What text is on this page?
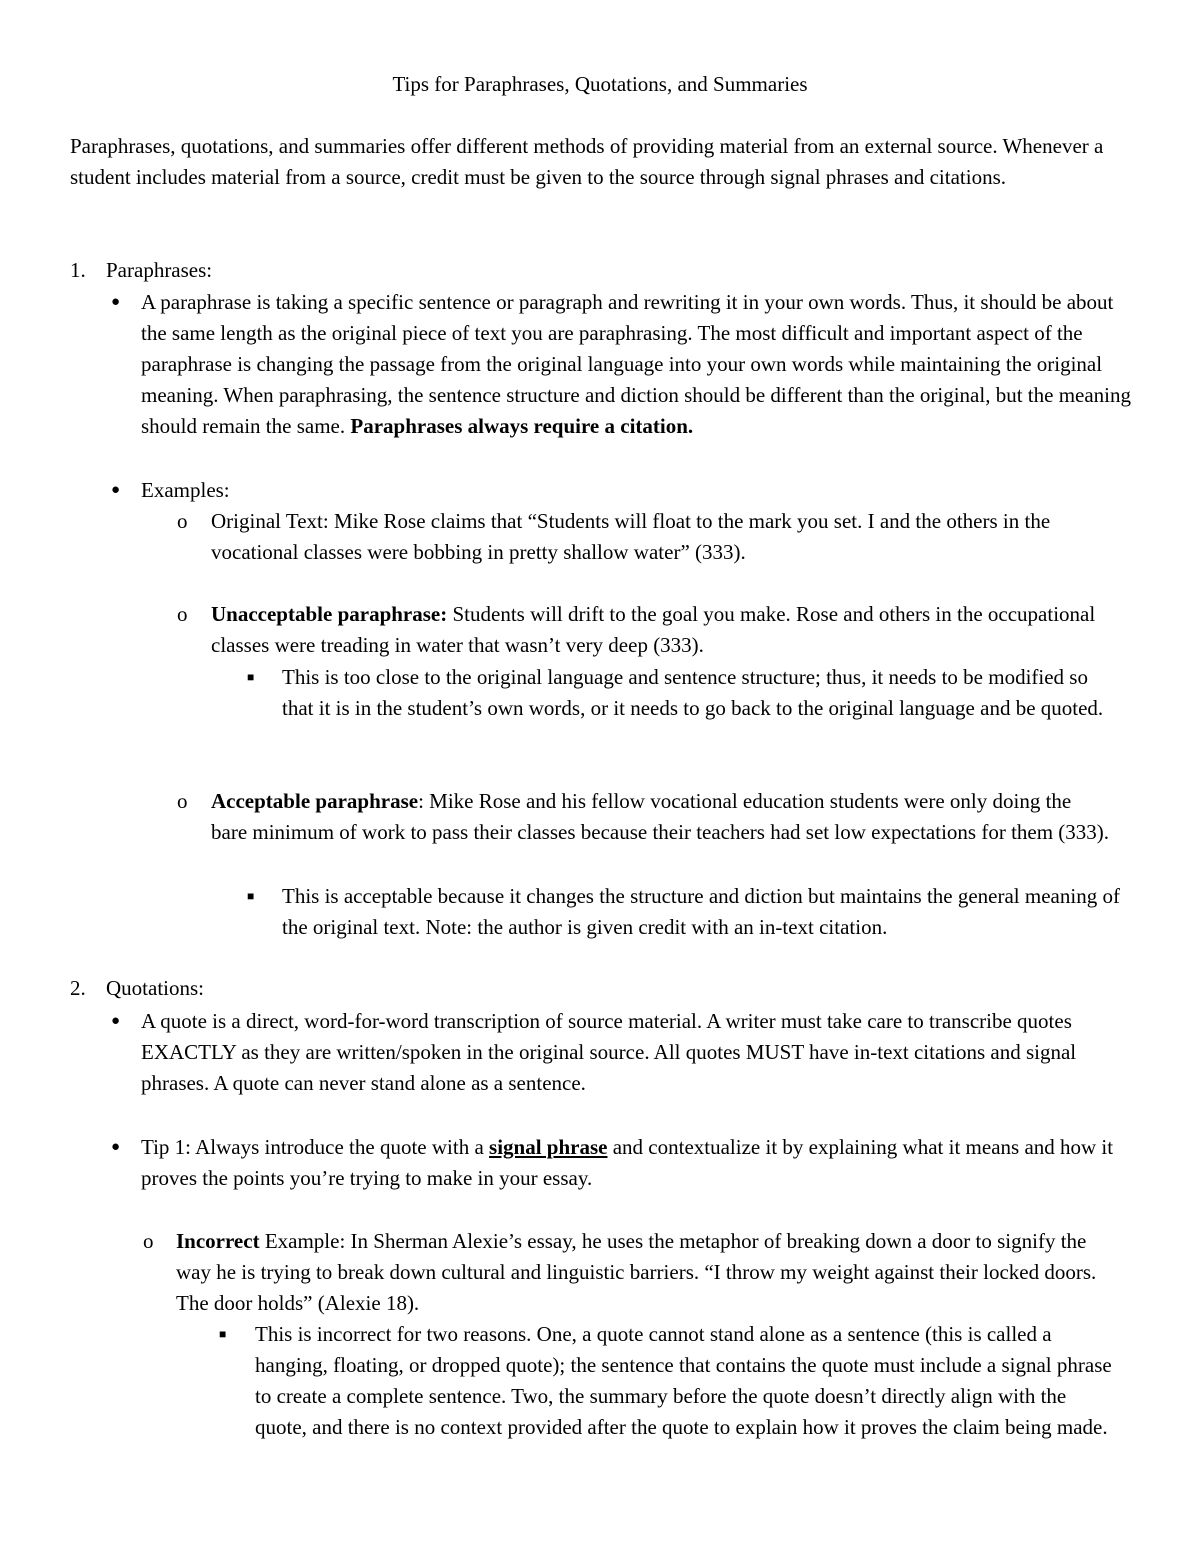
Tips for Paraphrases, Quotations, and Summaries

Paraphrases, quotations, and summaries offer different methods of providing material from an external source. Whenever a student includes material from a source, credit must be given to the source through signal phrases and citations.

1. Paraphrases:
● A paraphrase is taking a specific sentence or paragraph and rewriting it in your own words. Thus, it should be about the same length as the original piece of text you are paraphrasing. The most difficult and important aspect of the paraphrase is changing the passage from the original language into your own words while maintaining the original meaning. When paraphrasing, the sentence structure and diction should be different than the original, but the meaning should remain the same. Paraphrases always require a citation.

● Examples:

o Original Text: Mike Rose claims that “Students will float to the mark you set. I and the others in the vocational classes were bobbing in pretty shallow water” (333).

o Unacceptable paraphrase: Students will drift to the goal you make. Rose and others in the occupational classes were treading in water that wasn’t very deep (333).

■ This is too close to the original language and sentence structure; thus, it needs to be modified so that it is in the student’s own words, or it needs to go back to the original language and be quoted.

o Acceptable paraphrase: Mike Rose and his fellow vocational education students were only doing the bare minimum of work to pass their classes because their teachers had set low expectations for them (333).

■ This is acceptable because it changes the structure and diction but maintains the general meaning of the original text. Note: the author is given credit with an in-text citation.

2. Quotations:
● A quote is a direct, word-for-word transcription of source material. A writer must take care to transcribe quotes EXACTLY as they are written/spoken in the original source. All quotes MUST have in-text citations and signal phrases. A quote can never stand alone as a sentence.

● Tip 1: Always introduce the quote with a signal phrase and contextualize it by explaining what it means and how it proves the points you’re trying to make in your essay.

o Incorrect Example: In Sherman Alexie’s essay, he uses the metaphor of breaking down a door to signify the way he is trying to break down cultural and linguistic barriers. “I throw my weight against their locked doors. The door holds” (Alexie 18).

■ This is incorrect for two reasons. One, a quote cannot stand alone as a sentence (this is called a hanging, floating, or dropped quote); the sentence that contains the quote must include a signal phrase to create a complete sentence. Two, the summary before the quote doesn’t directly align with the quote, and there is no context provided after the quote to explain how it proves the claim being made.
